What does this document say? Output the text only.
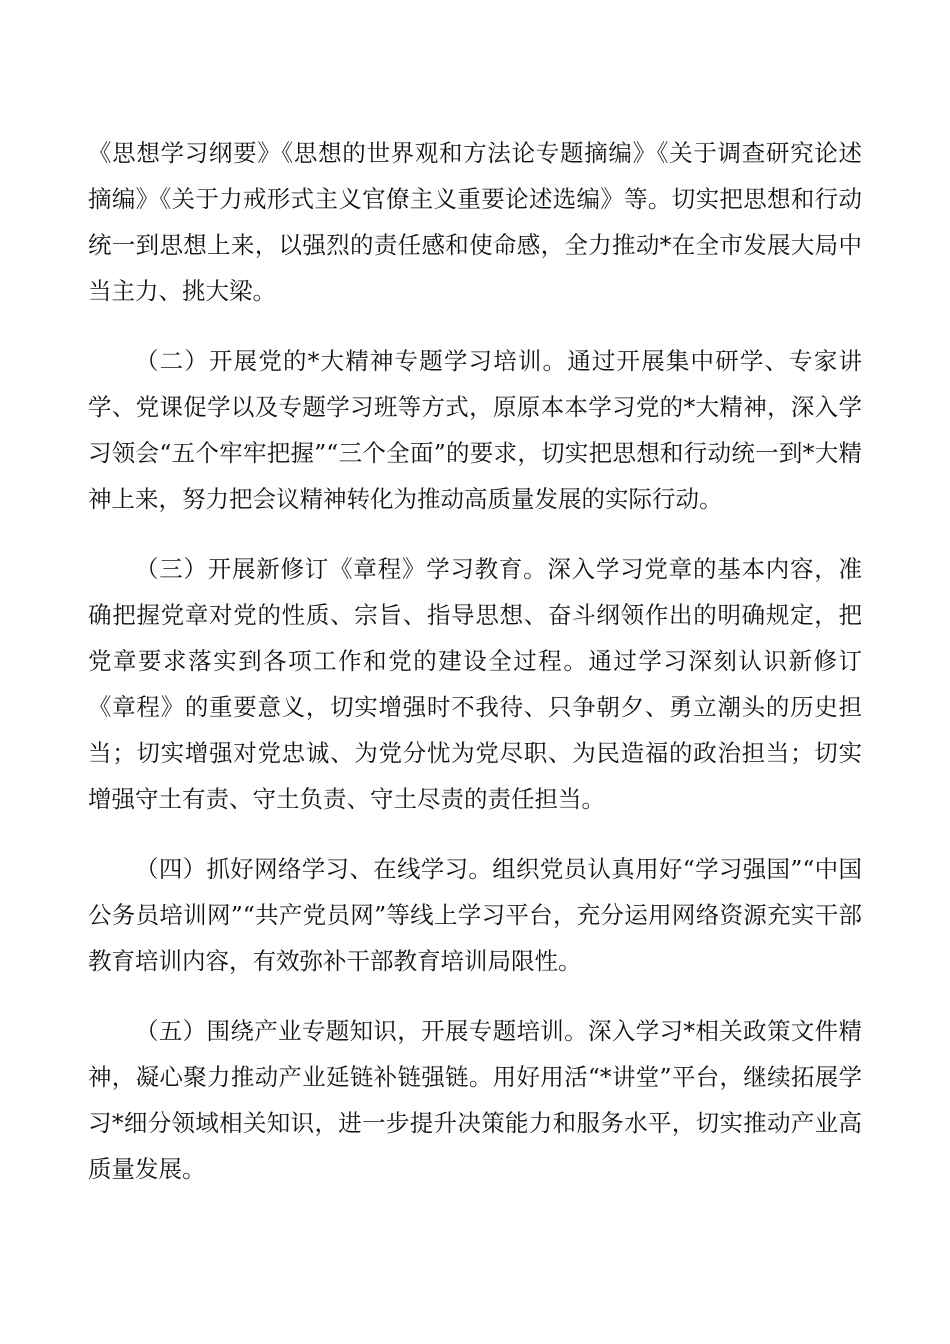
《思想学习纲要》《思想的世界观和方法论专题摘编》《关于调查研究论述摘编》《关于力戒形式主义官僚主义重要论述选编》等。切实把思想和行动统一到思想上来，以强烈的责任感和使命感，全力推动*在全市发展大局中当主力、挑大梁。

（二）开展党的*大精神专题学习培训。通过开展集中研学、专家讲学、党课促学以及专题学习班等方式，原原本本学习党的*大精神，深入学习领会“五个牢牢把握”“三个全面”的要求，切实把思想和行动统一到*大精神上来，努力把会议精神转化为推动高质量发展的实际行动。

（三）开展新修订《章程》学习教育。深入学习党章的基本内容，准确把握党章对党的性质、宗旨、指导思想、奋斗纲领作出的明确规定，把党章要求落实到各项工作和党的建设全过程。通过学习深刻认识新修订《章程》的重要意义，切实增强时不我待、只争朝夕、勇立潮头的历史担当；切实增强对党忠诚、为党分忧为党尽职、为民造福的政治担当；切实增强守土有责、守土负责、守土尽责的责任担当。

（四）抓好网络学习、在线学习。组织党员认真用好“学习强国”“中国公务员培训网”“共产党员网”等线上学习平台，充分运用网络资源充实干部教育培训内容，有效弥补干部教育培训局限性。

（五）围绕产业专题知识，开展专题培训。深入学习*相关政策文件精神，凝心聚力推动产业延链补链强链。用好用活“*讲堂”平台，继续拓展学习*细分领域相关知识，进一步提升决策能力和服务水平，切实推动产业高质量发展。
